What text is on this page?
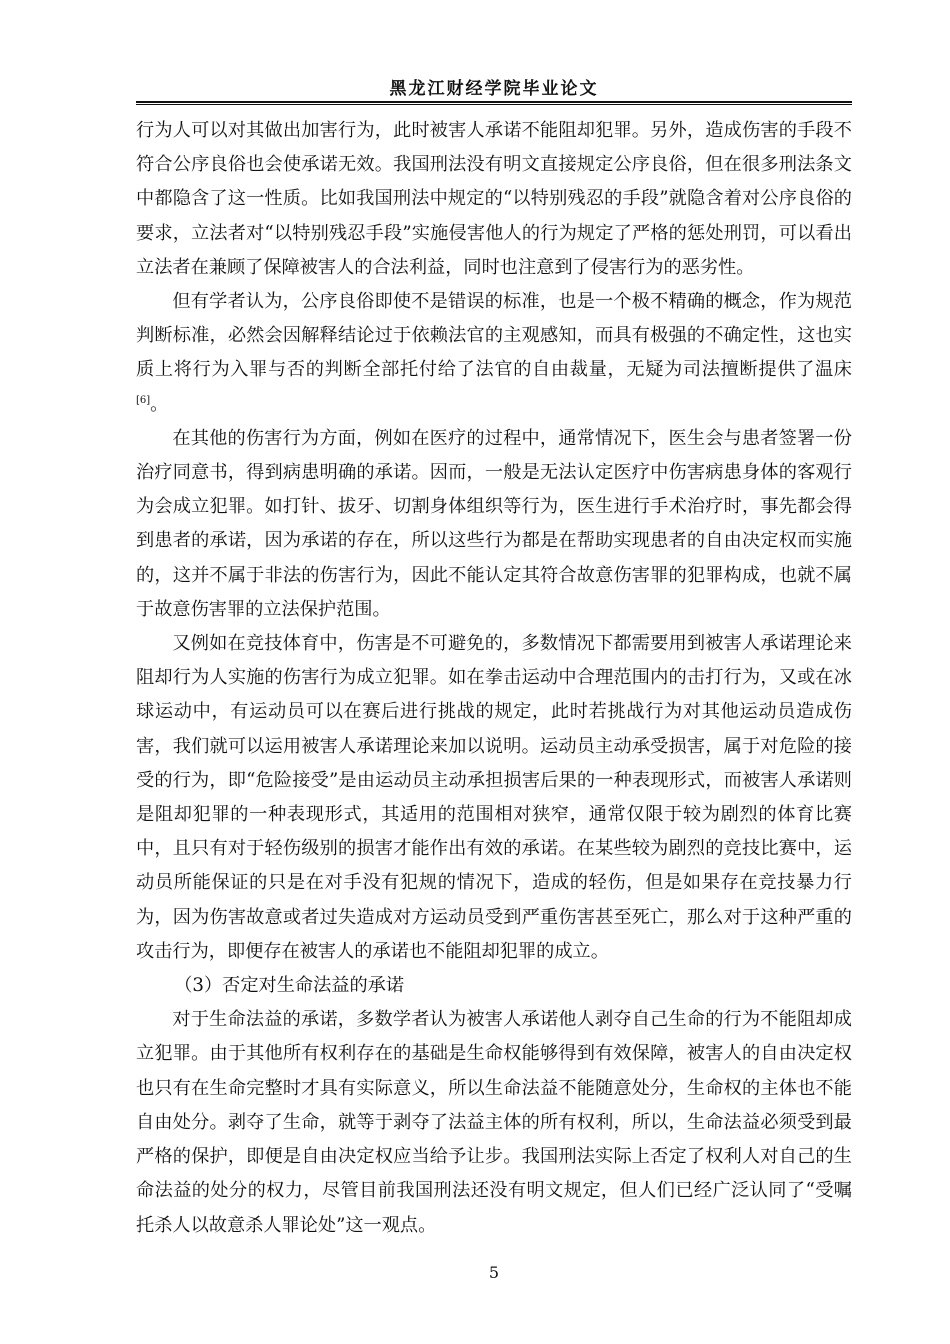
黑龙江财经学院毕业论文

行为人可以对其做出加害行为，此时被害人承诺不能阻却犯罪。另外，造成伤害的手段不符合公序良俗也会使承诺无效。我国刑法没有明文直接规定公序良俗，但在很多刑法条文中都隐含了这一性质。比如我国刑法中规定的“以特别残忍的手段”就隐含着对公序良俗的要求，立法者对“以特别残忍手段”实施侵害他人的行为规定了严格的惩处刑罚，可以看出立法者在兼顾了保障被害人的合法利益，同时也注意到了侵害行为的恶劣性。

但有学者认为，公序良俗即使不是错误的标准，也是一个极不精确的概念，作为规范判断标准，必然会因解释结论过于依赖法官的主观感知，而具有极强的不确定性，这也实质上将行为入罪与否的判断全部托付给了法官的自由裁量，无疑为司法擅断提供了温床[6]。

在其他的伤害行为方面，例如在医疗的过程中，通常情况下，医生会与患者签署一份治疗同意书，得到病患明确的承诺。因而，一般是无法认定医疗中伤害病患身体的客观行为会成立犯罪。如打针、拔牙、切割身体组织等行为，医生进行手术治疗时，事先都会得到患者的承诺，因为承诺的存在，所以这些行为都是在帮助实现患者的自由决定权而实施的，这并不属于非法的伤害行为，因此不能认定其符合故意伤害罪的犯罪构成，也就不属于故意伤害罪的立法保护范围。

又例如在竞技体育中，伤害是不可避免的，多数情况下都需要用到被害人承诺理论来阻却行为人实施的伤害行为成立犯罪。如在拳击运动中合理范围内的击打行为，又或在冰球运动中，有运动员可以在赛后进行挑战的规定，此时若挑战行为对其他运动员造成伤害，我们就可以运用被害人承诺理论来加以说明。运动员主动承受损害，属于对危险的接受的行为，即“危险接受”是由运动员主动承担损害后果的一种表现形式，而被害人承诺则是阻却犯罪的一种表现形式，其适用的范围相对狭窄，通常仅限于较为剧烈的体育比赛中，且只有对于轻伤级别的损害才能作出有效的承诺。在某些较为剧烈的竞技比赛中，运动员所能保证的只是在对手没有犯规的情况下，造成的轻伤，但是如果存在竞技暴力行为，因为伤害故意或者过失造成对方运动员受到严重伤害甚至死亡，那么对于这种严重的攻击行为，即便存在被害人的承诺也不能阻却犯罪的成立。

（3）否定对生命法益的承诺

对于生命法益的承诺，多数学者认为被害人承诺他人剥夺自己生命的行为不能阻却成立犯罪。由于其他所有权利存在的基础是生命权能够得到有效保障，被害人的自由决定权也只有在生命完整时才具有实际意义，所以生命法益不能随意处分，生命权的主体也不能自由处分。剥夺了生命，就等于剥夺了法益主体的所有权利，所以，生命法益必须受到最严格的保护，即便是自由决定权应当给予让步。我国刑法实际上否定了权利人对自己的生命法益的处分的权力，尽管目前我国刑法还没有明文规定，但人们已经广泛认同了“受嘱托杀人以故意杀人罪论处”这一观点。

5
